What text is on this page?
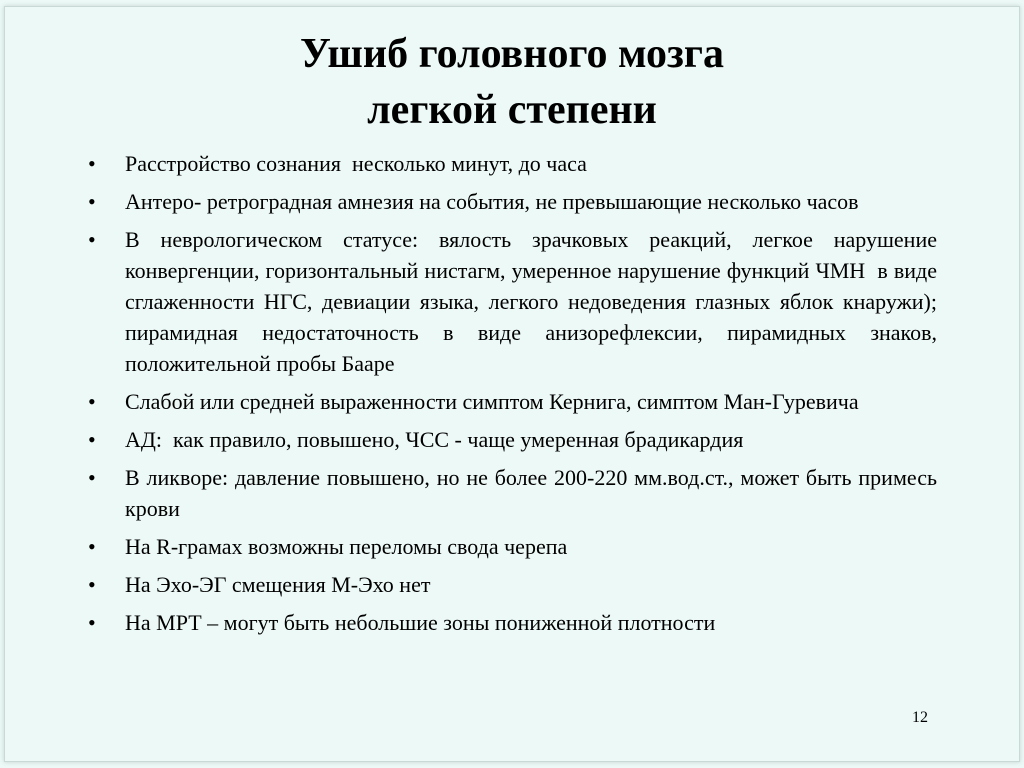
Ушиб головного мозга
легкой степени
• Расстройство сознания  несколько минут, до часа
• Антеро- ретроградная амнезия на события, не превышающие несколько часов
• В неврологическом статусе: вялость зрачковых реакций, легкое нарушение конвергенции, горизонтальный нистагм, умеренное нарушение функций ЧМН  в виде сглаженности НГС, девиации языка, легкого недоведения глазных яблок кнаружи); пирамидная недостаточность в виде анизорефлексии, пирамидных знаков, положительной пробы Бааре
• Слабой или средней выраженности симптом Кернига, симптом Ман-Гуревича
• АД:  как правило, повышено, ЧСС - чаще умеренная брадикардия
• В ликворе: давление повышено, но не более 200-220 мм.вод.ст., может быть примесь крови
• На R-грамах возможны переломы свода черепа
• На Эхо-ЭГ смещения М-Эхо нет
• На МРТ – могут быть небольшие зоны пониженной плотности
12
